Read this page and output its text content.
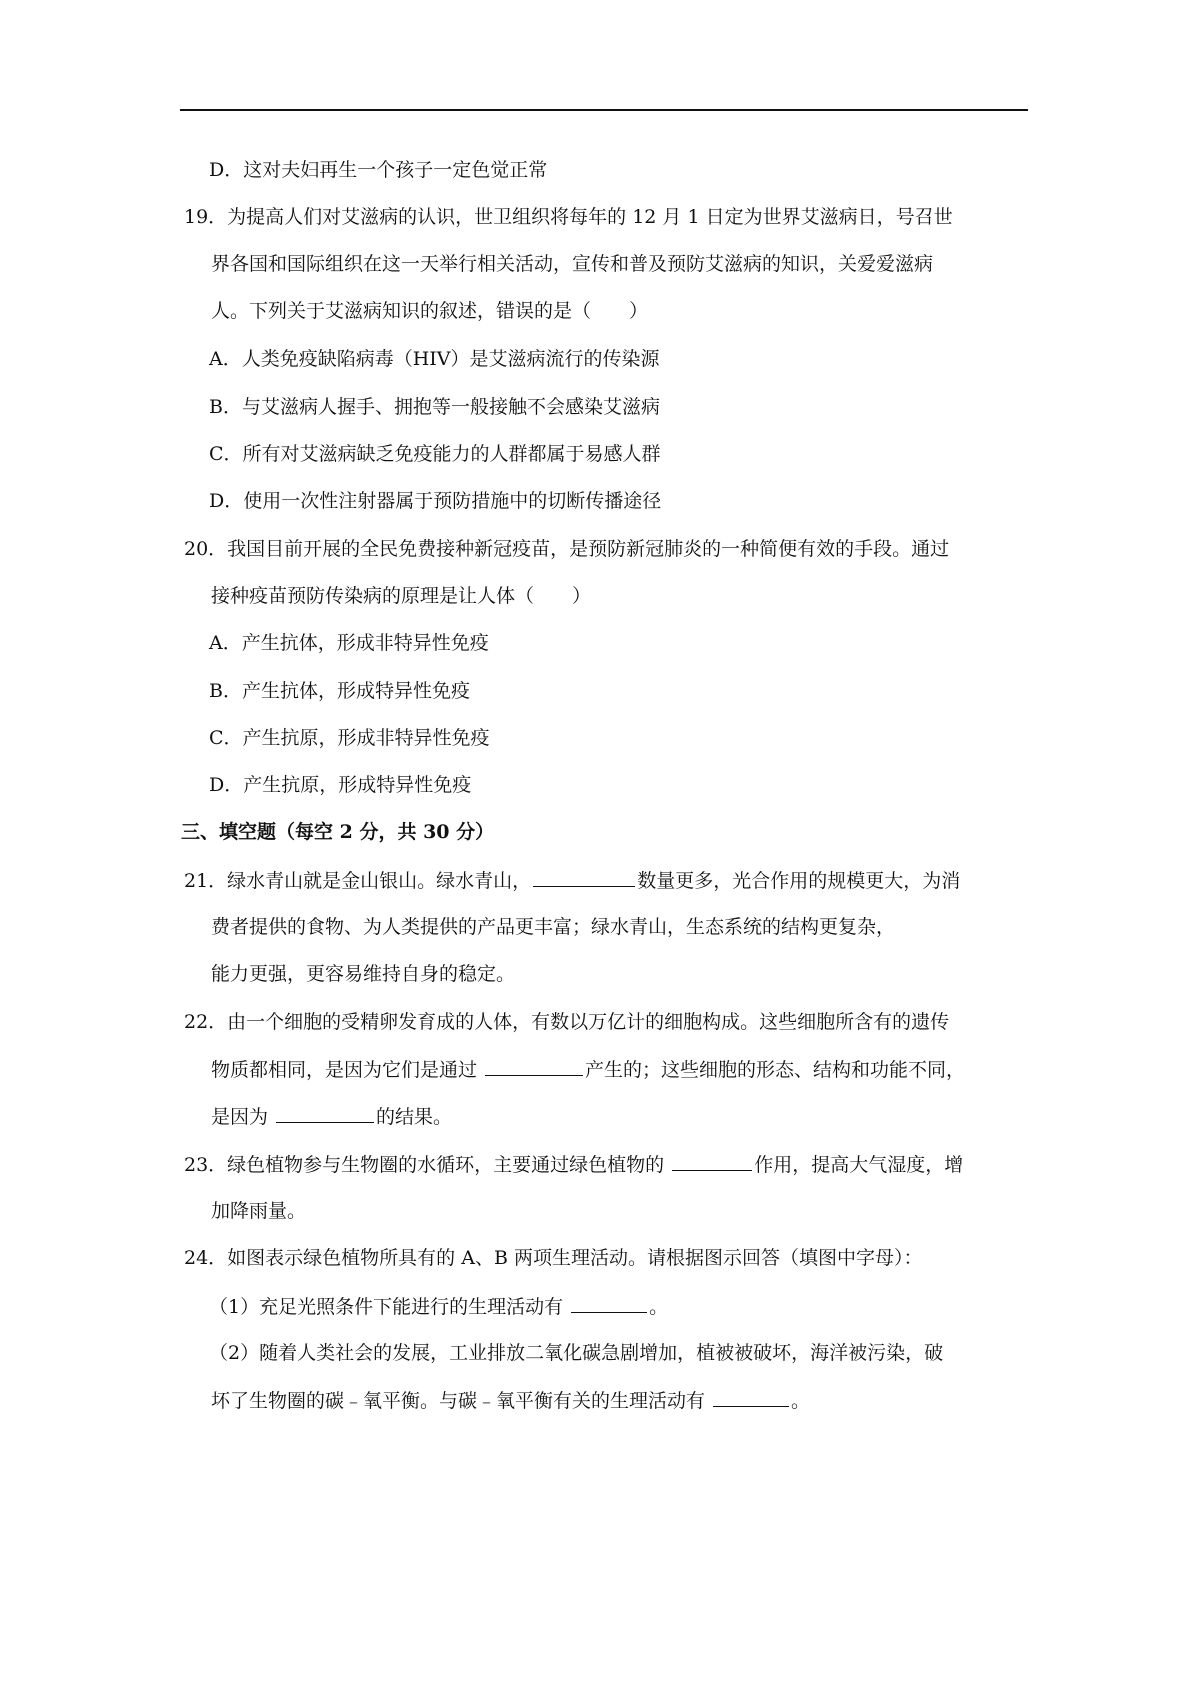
D．这对夫妇再生一个孩子一定色觉正常
19．为提高人们对艾滋病的认识，世卫组织将每年的 12 月 1 日定为世界艾滋病日，号召世
界各国和国际组织在这一天举行相关活动，宣传和普及预防艾滋病的知识，关爱爱滋病
人。下列关于艾滋病知识的叙述，错误的是（　　）
A．人类免疫缺陷病毒（HIV）是艾滋病流行的传染源
B．与艾滋病人握手、拥抱等一般接触不会感染艾滋病
C．所有对艾滋病缺乏免疫能力的人群都属于易感人群
D．使用一次性注射器属于预防措施中的切断传播途径
20．我国目前开展的全民免费接种新冠疫苗，是预防新冠肺炎的一种简便有效的手段。通过
接种疫苗预防传染病的原理是让人体（　　）
A．产生抗体，形成非特异性免疫
B．产生抗体，形成特异性免疫
C．产生抗原，形成非特异性免疫
D．产生抗原，形成特异性免疫
三、填空题（每空 2 分，共 30 分）
21．绿水青山就是金山银山。绿水青山，	数量更多，光合作用的规模更大，为消
费者提供的食物、为人类提供的产品更丰富；绿水青山，生态系统的结构更复杂，
能力更强，更容易维持自身的稳定。
22．由一个细胞的受精卵发育成的人体，有数以万亿计的细胞构成。这些细胞所含有的遗传
物质都相同，是因为它们是通过	产生的；这些细胞的形态、结构和功能不同，
是因为	的结果。
23．绿色植物参与生物圈的水循环，主要通过绿色植物的	作用，提高大气湿度，增
加降雨量。
24．如图表示绿色植物所具有的 A、B 两项生理活动。请根据图示回答（填图中字母）：
（1）充足光照条件下能进行的生理活动有	。
（2）随着人类社会的发展，工业排放二氧化碳急剧增加，植被被破坏，海洋被污染，破
坏了生物圈的碳﹣氧平衡。与碳﹣氧平衡有关的生理活动有	。
